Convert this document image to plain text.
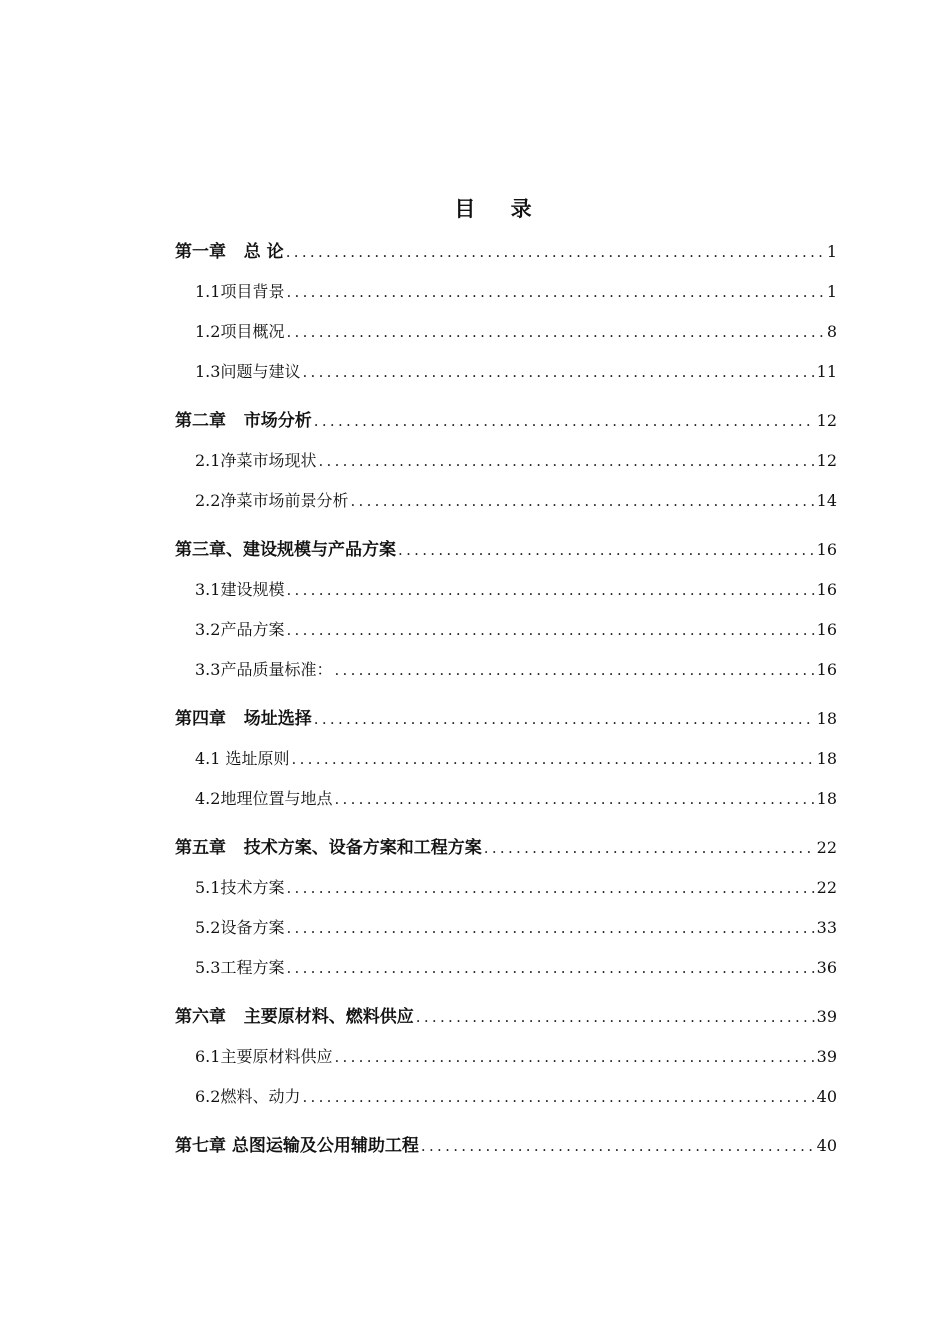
目 录
第一章   总 论 .....	1
1.1项目背景 .....	1
1.2项目概况 .....	8
1.3问题与建议 .....	11
第二章   市场分析 .....	12
2.1净菜市场现状 .....	12
2.2净菜市场前景分析 .....	14
第三章、建设规模与产品方案 .....	16
3.1建设规模 .....	16
3.2产品方案 .....	16
3.3产品质量标准： .....	16
第四章   场址选择 .....	18
4.1 选址原则 .....	18
4.2地理位置与地点 .....	18
第五章   技术方案、设备方案和工程方案 .....	22
5.1技术方案 .....	22
5.2设备方案 .....	33
5.3工程方案 .....	36
第六章   主要原材料、燃料供应 .....	39
6.1主要原材料供应 .....	39
6.2燃料、动力 .....	40
第七章 总图运输及公用辅助工程 .....	40
